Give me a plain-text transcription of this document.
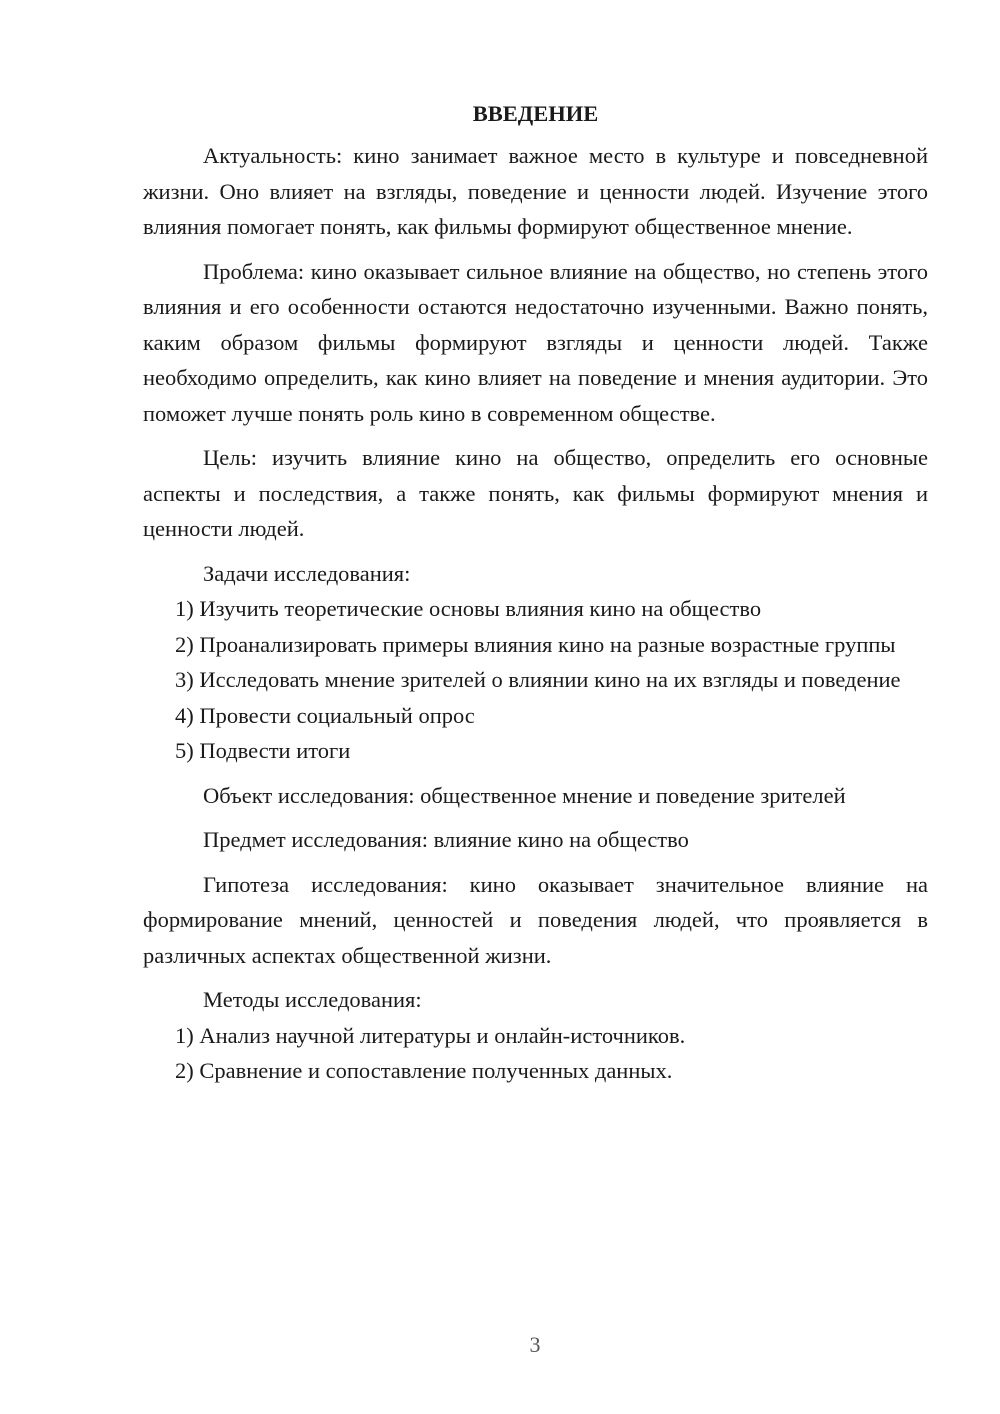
ВВЕДЕНИЕ

Актуальность: кино занимает важное место в культуре и повседневной жизни. Оно влияет на взгляды, поведение и ценности людей. Изучение этого влияния помогает понять, как фильмы формируют общественное мнение.

Проблема: кино оказывает сильное влияние на общество, но степень этого влияния и его особенности остаются недостаточно изученными. Важно понять, каким образом фильмы формируют взгляды и ценности людей. Также необходимо определить, как кино влияет на поведение и мнения аудитории. Это поможет лучше понять роль кино в современном обществе.

Цель: изучить влияние кино на общество, определить его основные аспекты и последствия, а также понять, как фильмы формируют мнения и ценности людей.

Задачи исследования:

1) Изучить теоретические основы влияния кино на общество

2) Проанализировать примеры влияния кино на разные возрастные группы

3) Исследовать мнение зрителей о влиянии кино на их взгляды и поведение

4) Провести социальный опрос

5) Подвести итоги

Объект исследования: общественное мнение и поведение зрителей

Предмет исследования: влияние кино на общество

Гипотеза исследования: кино оказывает значительное влияние на формирование мнений, ценностей и поведения людей, что проявляется в различных аспектах общественной жизни.

Методы исследования:

1) Анализ научной литературы и онлайн-источников.

2) Сравнение и сопоставление полученных данных.

3
